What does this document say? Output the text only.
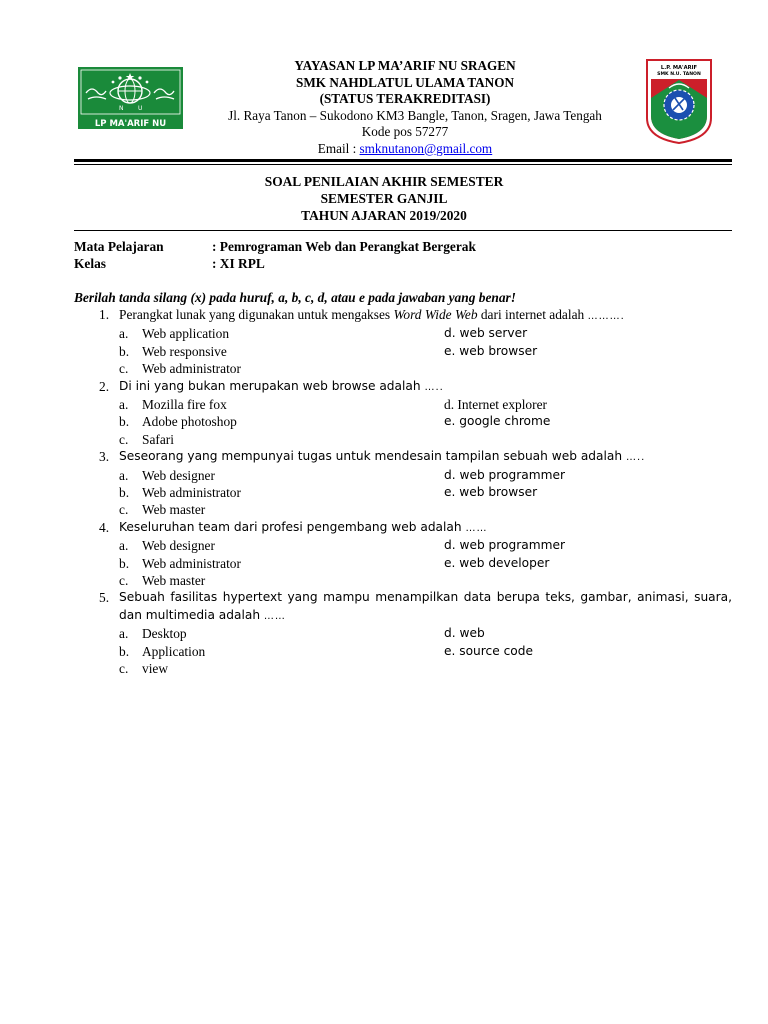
N U
LP MA'ARIF NU
YAYASAN LP MA’ARIF NU SRAGEN
SMK NAHDLATUL ULAMA TANON
(STATUS TERAKREDITASI)
Jl. Raya Tanon – Sukodono KM3 Bangle, Tanon, Sragen, Jawa Tengah
Kode pos 57277
Email : smknutanon@gmail.com
L.P. MA'ARIF
SMK N.U. TANON
SOAL PENILAIAN AKHIR SEMESTER
SEMESTER GANJIL
TAHUN AJARAN 2019/2020
Mata Pelajaran	: Pemrograman Web dan Perangkat Bergerak
Kelas	: XI RPL
Berilah tanda silang (x) pada huruf, a, b, c, d, atau e pada jawaban yang benar!
1. Perangkat lunak yang digunakan untuk mengakses Word Wide Web dari internet adalah ……….
a.	Web application	d. web server
b. Web responsive	e. web browser
c.	Web administrator
2. Di ini yang bukan merupakan web browse adalah …..
a.	Mozilla fire fox	d. Internet explorer
b. Adobe photoshop	e. google chrome
c.	Safari
3. Seseorang yang mempunyai tugas untuk mendesain tampilan sebuah web adalah …..
a.	Web designer	d. web programmer
b. Web administrator	e. web browser
c.	Web master
4. Keseluruhan team dari profesi pengembang web adalah ……
a.	Web designer	d. web programmer
b. Web administrator	e. web developer
c.	Web master
5. Sebuah fasilitas hypertext yang mampu menampilkan data berupa teks, gambar, animasi, suara, dan multimedia adalah ……
a.	Desktop	d. web
b. Application	e. source code
c.	view
